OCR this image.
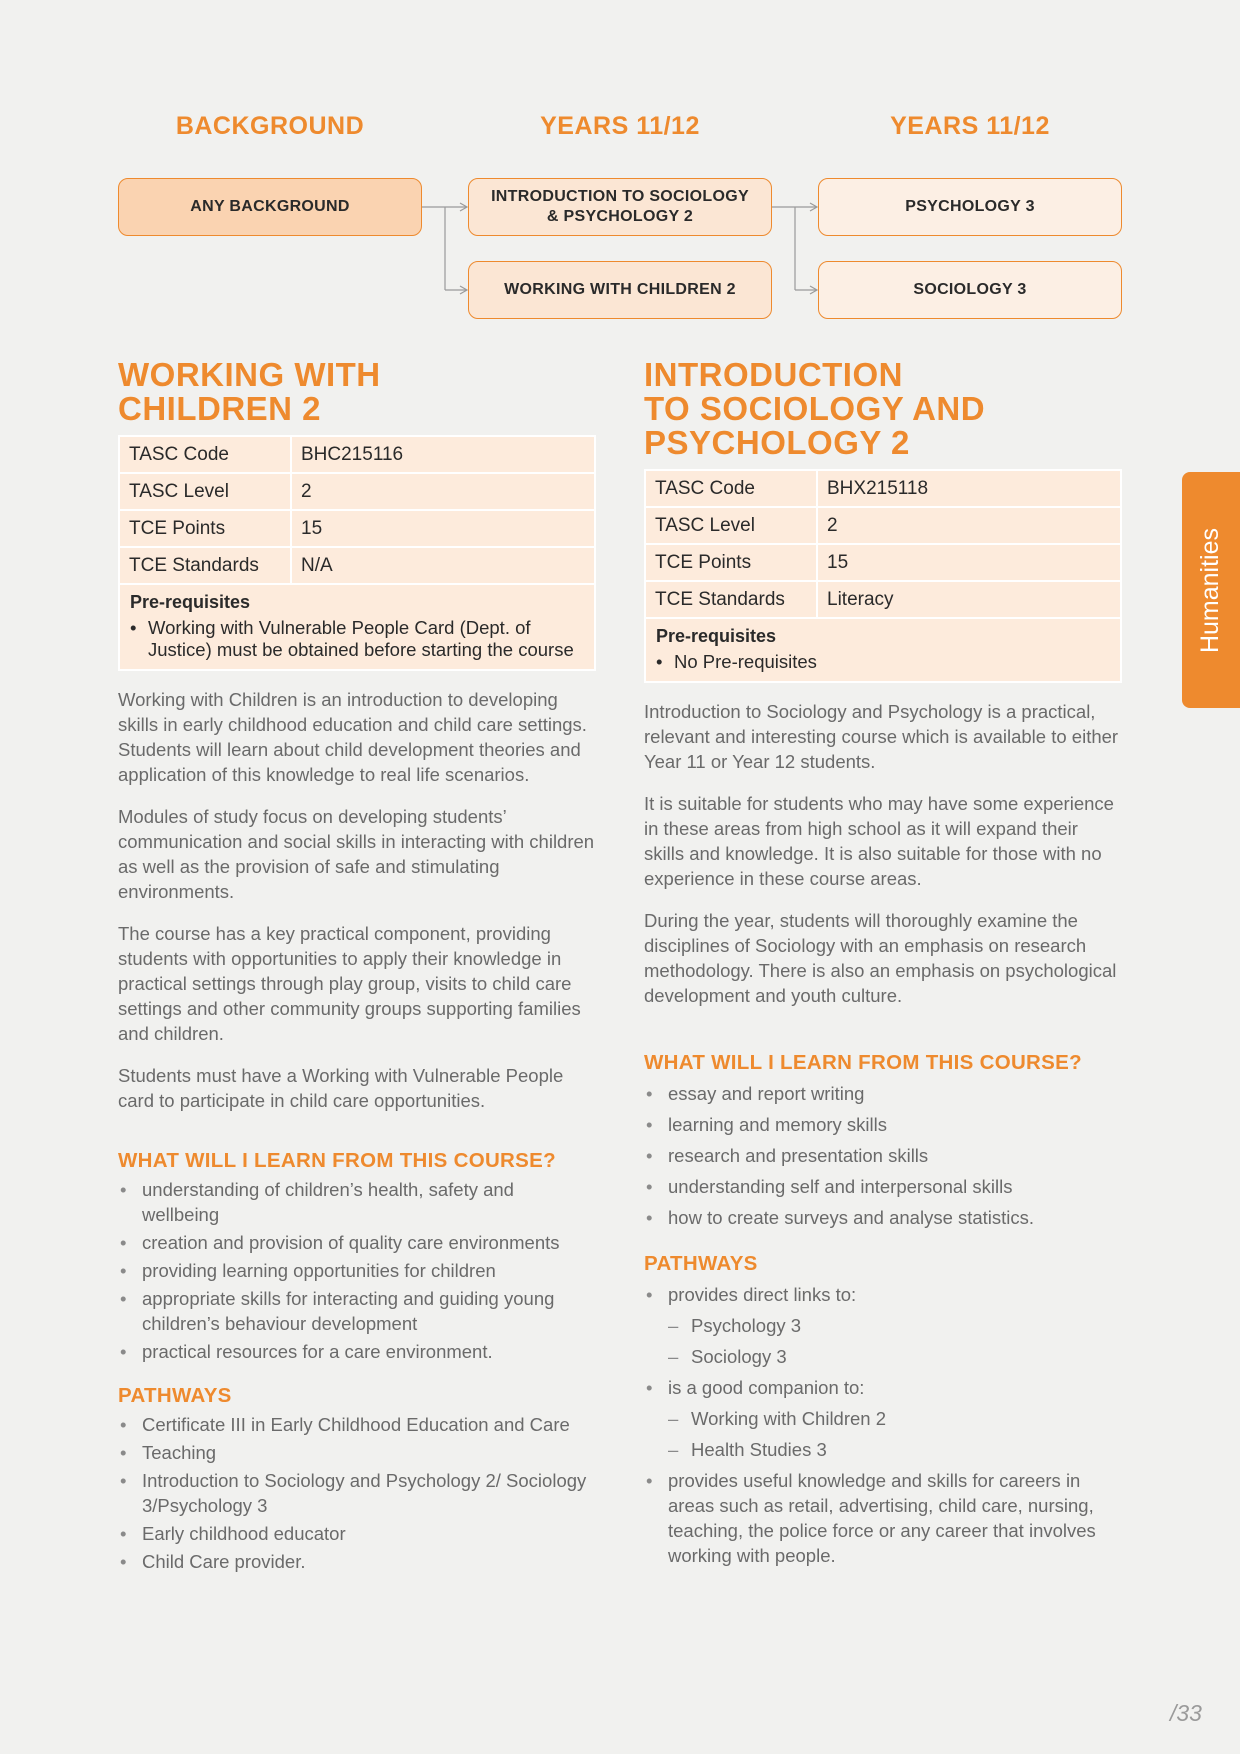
BACKGROUND	YEARS 11/12	YEARS 11/12
ANY BACKGROUND
INTRODUCTION TO SOCIOLOGY
& PSYCHOLOGY 2
WORKING WITH CHILDREN 2
PSYCHOLOGY 3
SOCIOLOGY 3
WORKING WITH
CHILDREN 2
TASC Code	BHC215116
TASC Level	2
TCE Points	15
TCE Standards	N/A

Pre-requisites
• Working with Vulnerable People Card (Dept. of Justice) must be obtained before starting the course

Working with Children is an introduction to developing skills in early childhood education and child care settings. Students will learn about child development theories and application of this knowledge to real life scenarios.

Modules of study focus on developing students’ communication and social skills in interacting with children as well as the provision of safe and stimulating environments.

The course has a key practical component, providing students with opportunities to apply their knowledge in practical settings through play group, visits to child care settings and other community groups supporting families and children.

Students must have a Working with Vulnerable People card to participate in child care opportunities.

WHAT WILL I LEARN FROM THIS COURSE?
• understanding of children’s health, safety and wellbeing
• creation and provision of quality care environments
• providing learning opportunities for children
• appropriate skills for interacting and guiding young children’s behaviour development
• practical resources for a care environment.
PATHWAYS
• Certificate III in Early Childhood Education and Care
• Teaching
• Introduction to Sociology and Psychology 2/ Sociology 3/Psychology 3
• Early childhood educator
• Child Care provider.
INTRODUCTION
TO SOCIOLOGY AND
PSYCHOLOGY 2
TASC Code	BHX215118
TASC Level	2
TCE Points	15
TCE Standards	Literacy

Pre-requisites
• No Pre-requisites

Introduction to Sociology and Psychology is a practical, relevant and interesting course which is available to either Year 11 or Year 12 students.

It is suitable for students who may have some experience in these areas from high school as it will expand their skills and knowledge. It is also suitable for those with no experience in these course areas.

During the year, students will thoroughly examine the disciplines of Sociology with an emphasis on research methodology. There is also an emphasis on psychological development and youth culture.

WHAT WILL I LEARN FROM THIS COURSE?
• essay and report writing
• learning and memory skills
• research and presentation skills
• understanding self and interpersonal skills
• how to create surveys and analyse statistics.
PATHWAYS
• provides direct links to:
– Psychology 3
– Sociology 3
• is a good companion to:
– Working with Children 2
– Health Studies 3
• provides useful knowledge and skills for careers in areas such as retail, advertising, child care, nursing, teaching, the police force or any career that involves working with people.
Humanities
/33
